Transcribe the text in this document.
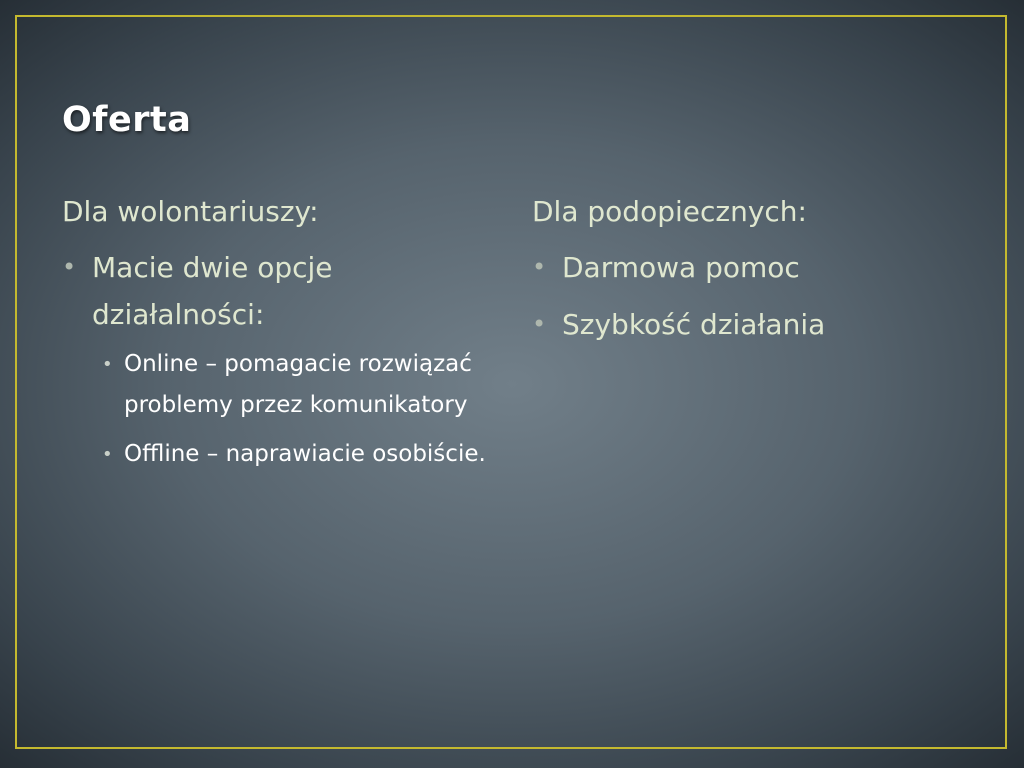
Oferta

Dla wolontariuszy:

• Macie dwie opcje działalności:
• Online – pomagacie rozwiązać problemy przez komunikatory
• Offline – naprawiacie osobiście.

Dla podopiecznych:

• Darmowa pomoc
• Szybkość działania
